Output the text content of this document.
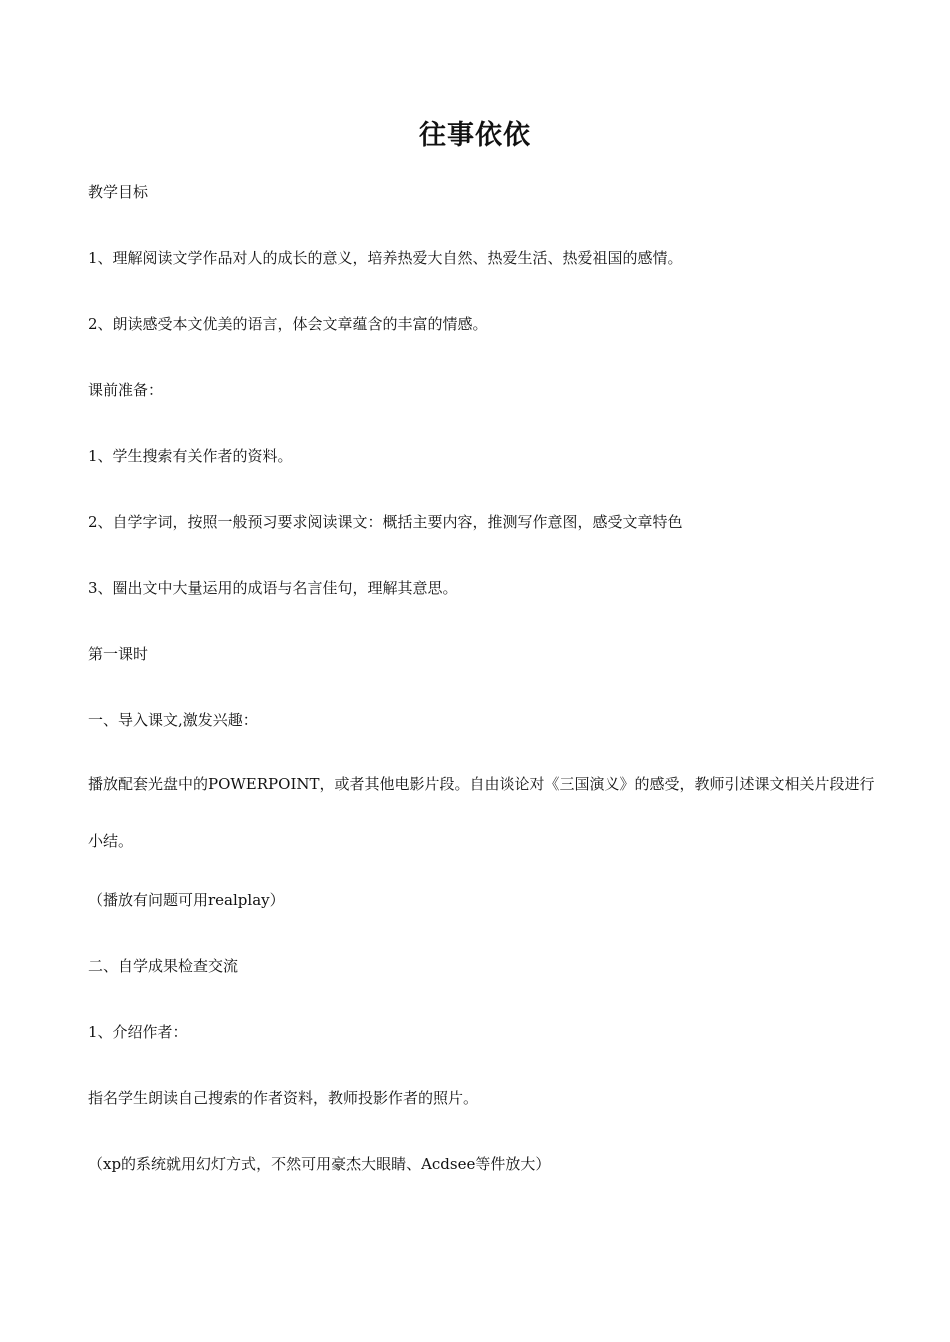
往事依依
教学目标
1、理解阅读文学作品对人的成长的意义，培养热爱大自然、热爱生活、热爱祖国的感情。
2、朗读感受本文优美的语言，体会文章蕴含的丰富的情感。
课前准备：
1、学生搜索有关作者的资料。
2、自学字词，按照一般预习要求阅读课文：概括主要内容，推测写作意图，感受文章特色
3、圈出文中大量运用的成语与名言佳句，理解其意思。
第一课时
一、导入课文,激发兴趣：
播放配套光盘中的POWERPOINT，或者其他电影片段。自由谈论对《三国演义》的感受，教师引述课文相关片段进行小结。
（播放有问题可用realplay）
二、自学成果检查交流
1、介绍作者：
指名学生朗读自己搜索的作者资料，教师投影作者的照片。
（xp的系统就用幻灯方式，不然可用豪杰大眼睛、Acdsee等件放大）
